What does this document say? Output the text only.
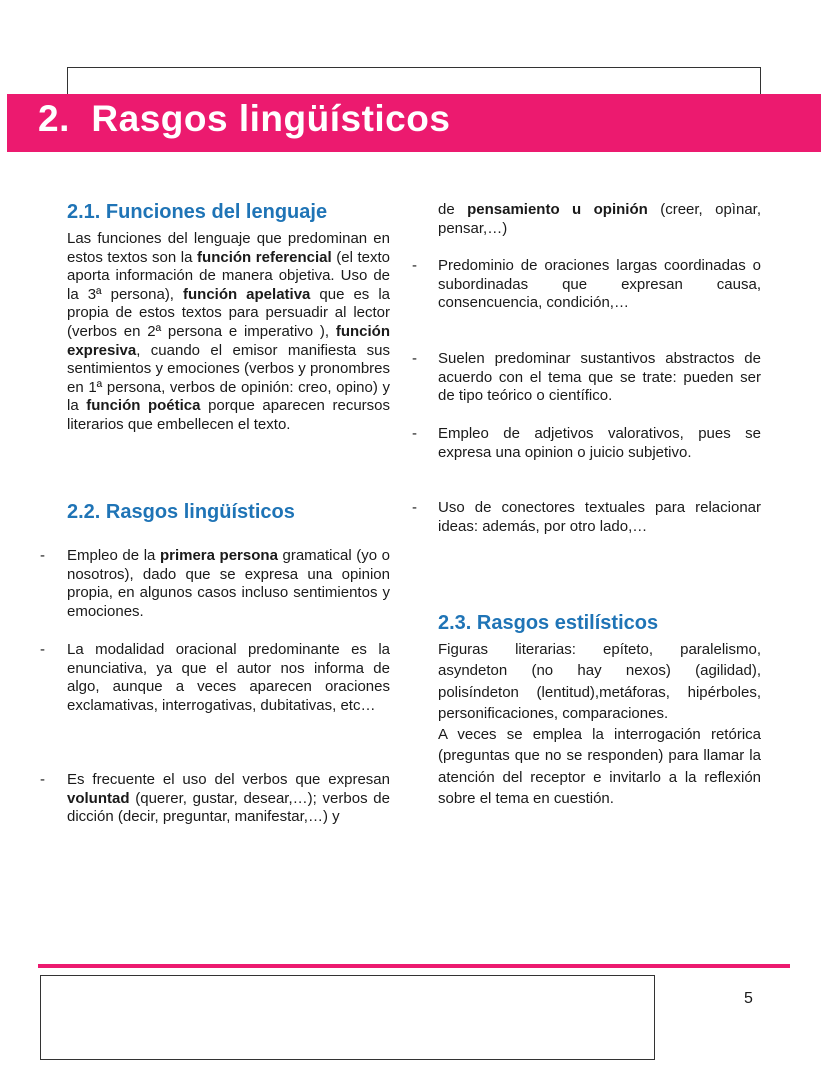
2. Rasgos lingüísticos
2.1. Funciones del lenguaje

Las funciones del lenguaje que predominan en estos textos son la función referencial (el texto aporta información de manera objetiva. Uso de la 3ª persona), función apelativa que es la propia de estos textos para persuadir al lector (verbos en 2ª persona e imperativo ), función expresiva, cuando el emisor manifiesta sus sentimientos y emociones (verbos y pronombres en 1ª persona, verbos de opinión: creo, opino) y la función poética porque aparecen recursos literarios que embellecen el texto.

2.2. Rasgos lingüísticos
- Empleo de la primera persona gramatical (yo o nosotros), dado que se expresa una opinion propia, en algunos casos incluso sentimientos y emociones.
- La modalidad oracional predominante es la enunciativa, ya que el autor nos informa de algo, aunque a veces aparecen oraciones exclamativas, interrogativas, dubitativas, etc…
- Es frecuente el uso del verbos que expresan voluntad (querer, gustar, desear,…); verbos de dicción (decir, preguntar, manifestar,…) y
de pensamiento u opinión (creer, opìnar, pensar,…)
- Predominio de oraciones largas coordinadas o subordinadas que expresan causa, consencuencia, condición,…
- Suelen predominar sustantivos abstractos de acuerdo con el tema que se trate: pueden ser de tipo teórico o científico.
- Empleo de adjetivos valorativos, pues se expresa una opinion o juicio subjetivo.
- Uso de conectores textuales para relacionar ideas: además, por otro lado,…
2.3. Rasgos estilísticos

Figuras literarias: epíteto, paralelismo, asyndeton (no hay nexos) (agilidad), polisíndeton (lentitud),metáforas, hipérboles, personificaciones, comparaciones.

A veces se emplea la interrogación retórica (preguntas que no se responden) para llamar la atención del receptor e invitarlo a la reflexión sobre el tema en cuestión.

5
